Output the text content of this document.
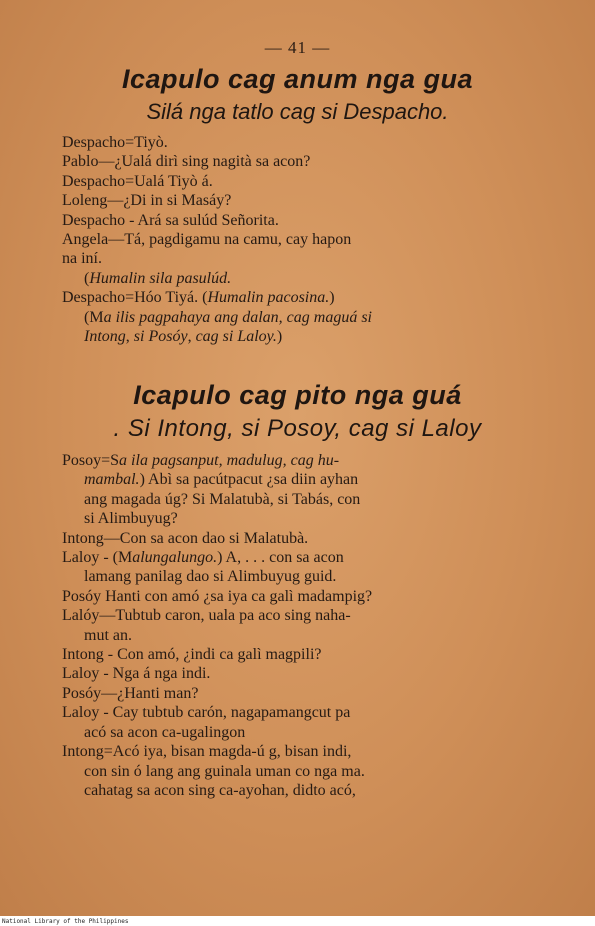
— 41 —
Icapulo cag anum nga gua
Silá nga tatlo cag si Despacho.
Despacho=Tiyò.
Pablo—¿Ualá dirì sing nagità sa acon?
Despacho=Ualá Tiyò á.
Loleng—¿Di in si Masáy?
Despacho - Ará sa sulúd Señorita.
Angela—Tá, pagdigamu na camu, cay hapon
na iní.
(Humalin sila pasulúd.
Despacho=Hóo Tiyá. (Humalin pacosina.)
(Ma ilis pagpahaya ang dalan, cag maguá si
Intong, si Posóy, cag si Laloy.)
Icapulo cag pito nga guá
. Si Intong, si Posoy, cag si Laloy
Posoy=Sa ila pagsanput, madulug, cag hu-
mambal.) Abì sa pacútpacut ¿sa diin ayhan
ang magada úg? Si Malatubà, si Tabás, con
si Alimbuyug?
Intong—Con sa acon dao si Malatubà.
Laloy - (Malungalungo.) A, . . . con sa acon
lamang panilag dao si Alimbuyug guid.
Posóy Hanti con amó ¿sa iya ca galì madampig?
Lalóy—Tubtub caron, uala pa aco sing naha-
mut an.
Intong - Con amó, ¿indi ca galì magpili?
Laloy - Nga á nga indi.
Posóy—¿Hanti man?
Laloy - Cay tubtub carón, nagapamangcut pa
acó sa acon ca-ugalingon
Intong=Acó iya, bisan magda-ú g, bisan indi,
con sin ó lang ang guinala uman co nga ma.
cahatag sa acon sing ca-ayohan, didto acó,
National Library of the Philippines
